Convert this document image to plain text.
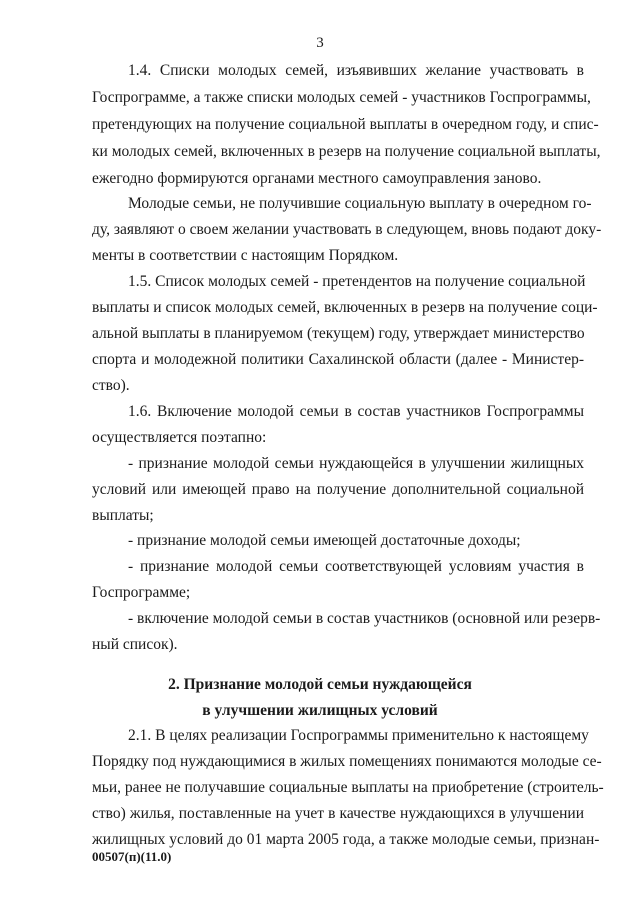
3
1.4. Списки молодых семей, изъявивших желание участвовать в
Госпрограмме, а также списки молодых семей - участников Госпрограммы,
претендующих на получение социальной выплаты в очередном году, и спис-
ки молодых семей, включенных в резерв на получение социальной выплаты,
ежегодно формируются органами местного самоуправления заново.
Молодые семьи, не получившие социальную выплату в очередном го-
ду, заявляют о своем желании участвовать в следующем, вновь подают доку-
менты в соответствии с настоящим Порядком.
1.5. Список молодых семей - претендентов на получение социальной
выплаты и список молодых семей, включенных в резерв на получение соци-
альной выплаты в планируемом (текущем) году, утверждает министерство
спорта и молодежной политики Сахалинской области (далее - Министер-
ство).
1.6. Включение молодой семьи в состав участников Госпрограммы
осуществляется поэтапно:
- признание молодой семьи нуждающейся в улучшении жилищных
условий или имеющей право на получение дополнительной социальной
выплаты;
- признание молодой семьи имеющей достаточные доходы;
- признание молодой семьи соответствующей условиям участия в
Госпрограмме;
- включение молодой семьи в состав участников (основной или резерв-
ный список).
2. Признание молодой семьи нуждающейся
в улучшении жилищных условий
2.1. В целях реализации Госпрограммы применительно к настоящему
Порядку под нуждающимися в жилых помещениях понимаются молодые се-
мьи, ранее не получавшие социальные выплаты на приобретение (строитель-
ство) жилья, поставленные на учет в качестве нуждающихся в улучшении
жилищных условий до 01 марта 2005 года, а также молодые семьи, признан-
00507(п)(11.0)
